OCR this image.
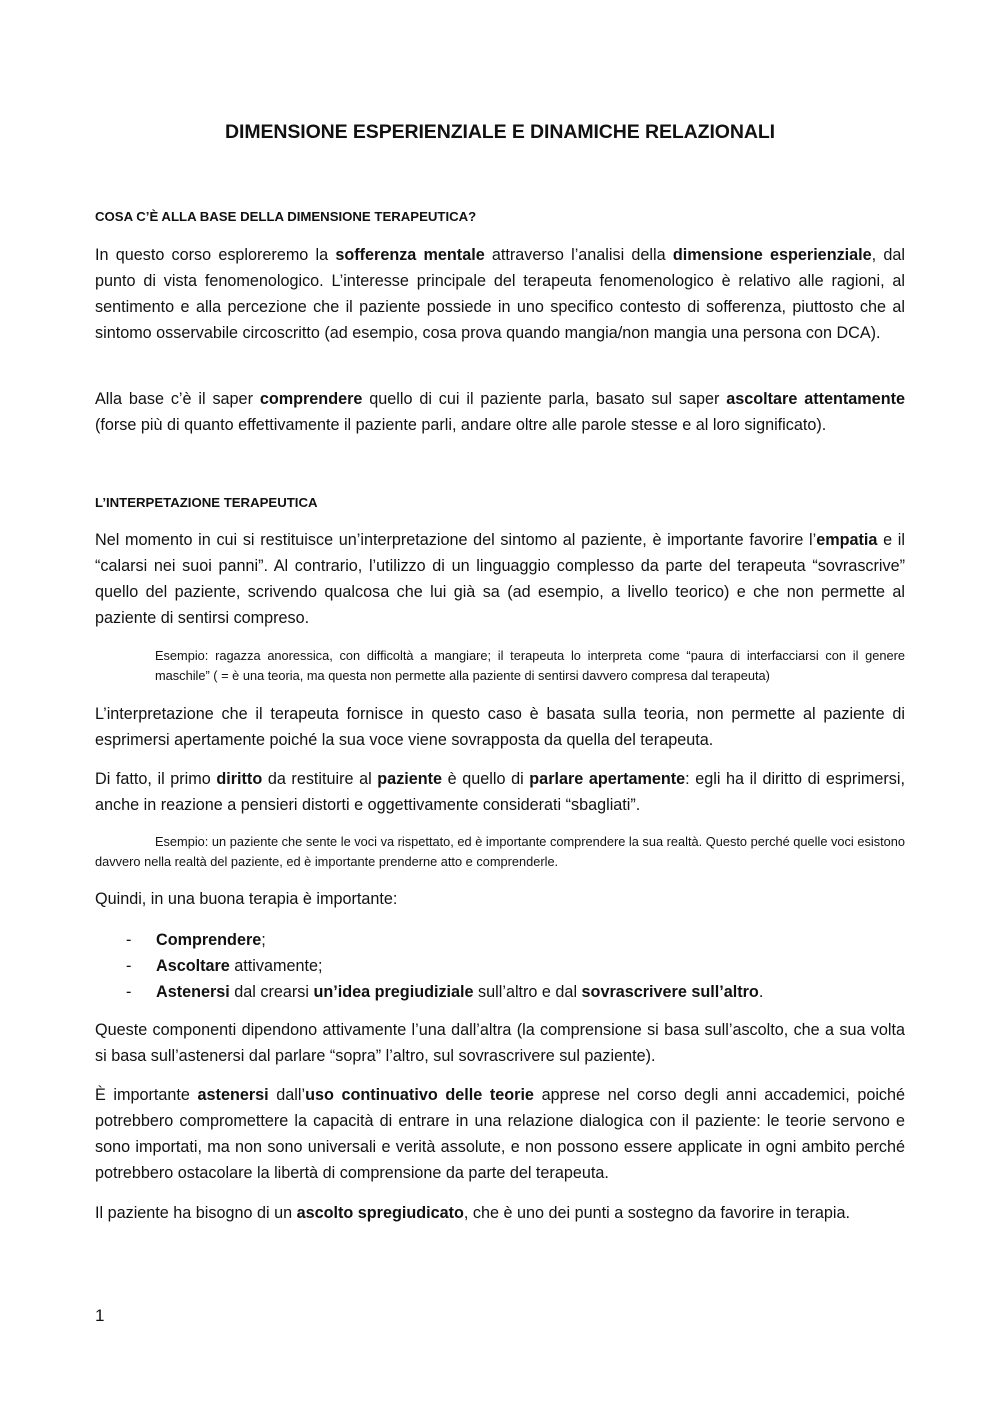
DIMENSIONE ESPERIENZIALE E DINAMICHE RELAZIONALI
COSA C’È ALLA BASE DELLA DIMENSIONE TERAPEUTICA?
In questo corso esploreremo la sofferenza mentale attraverso l’analisi della dimensione esperienziale, dal punto di vista fenomenologico. L’interesse principale del terapeuta fenomenologico è relativo alle ragioni, al sentimento e alla percezione che il paziente possiede in uno specifico contesto di sofferenza, piuttosto che al sintomo osservabile circoscritto (ad esempio, cosa prova quando mangia/non mangia una persona con DCA).
Alla base c’è il saper comprendere quello di cui il paziente parla, basato sul saper ascoltare attentamente (forse più di quanto effettivamente il paziente parli, andare oltre alle parole stesse e al loro significato).
L’INTERPETAZIONE TERAPEUTICA
Nel momento in cui si restituisce un’interpretazione del sintomo al paziente, è importante favorire l’empatia e il “calarsi nei suoi panni”. Al contrario, l’utilizzo di un linguaggio complesso da parte del terapeuta “sovrascrive” quello del paziente, scrivendo qualcosa che lui già sa (ad esempio, a livello teorico) e che non permette al paziente di sentirsi compreso.
Esempio: ragazza anoressica, con difficoltà a mangiare; il terapeuta lo interpreta come “paura di interfacciarsi con il genere maschile” ( = è una teoria, ma questa non permette alla paziente di sentirsi davvero compresa dal terapeuta)
L’interpretazione che il terapeuta fornisce in questo caso è basata sulla teoria, non permette al paziente di esprimersi apertamente poiché la sua voce viene sovrapposta da quella del terapeuta.
Di fatto, il primo diritto da restituire al paziente è quello di parlare apertamente: egli ha il diritto di esprimersi, anche in reazione a pensieri distorti e oggettivamente considerati “sbagliati”.
Esempio: un paziente che sente le voci va rispettato, ed è importante comprendere la sua realtà. Questo perché quelle voci esistono davvero nella realtà del paziente, ed è importante prenderne atto e comprenderle.
Quindi, in una buona terapia è importante:
- Comprendere;
- Ascoltare attivamente;
- Astenersi dal crearsi un’idea pregiudiziale sull’altro e dal sovrascrivere sull’altro.
Queste componenti dipendono attivamente l’una dall’altra (la comprensione si basa sull’ascolto, che a sua volta si basa sull’astenersi dal parlare “sopra” l’altro, sul sovrascrivere sul paziente).
È importante astenersi dall’uso continuativo delle teorie apprese nel corso degli anni accademici, poiché potrebbero compromettere la capacità di entrare in una relazione dialogica con il paziente: le teorie servono e sono importati, ma non sono universali e verità assolute, e non possono essere applicate in ogni ambito perché potrebbero ostacolare la libertà di comprensione da parte del terapeuta.
Il paziente ha bisogno di un ascolto spregiudicato, che è uno dei punti a sostegno da favorire in terapia.
1
